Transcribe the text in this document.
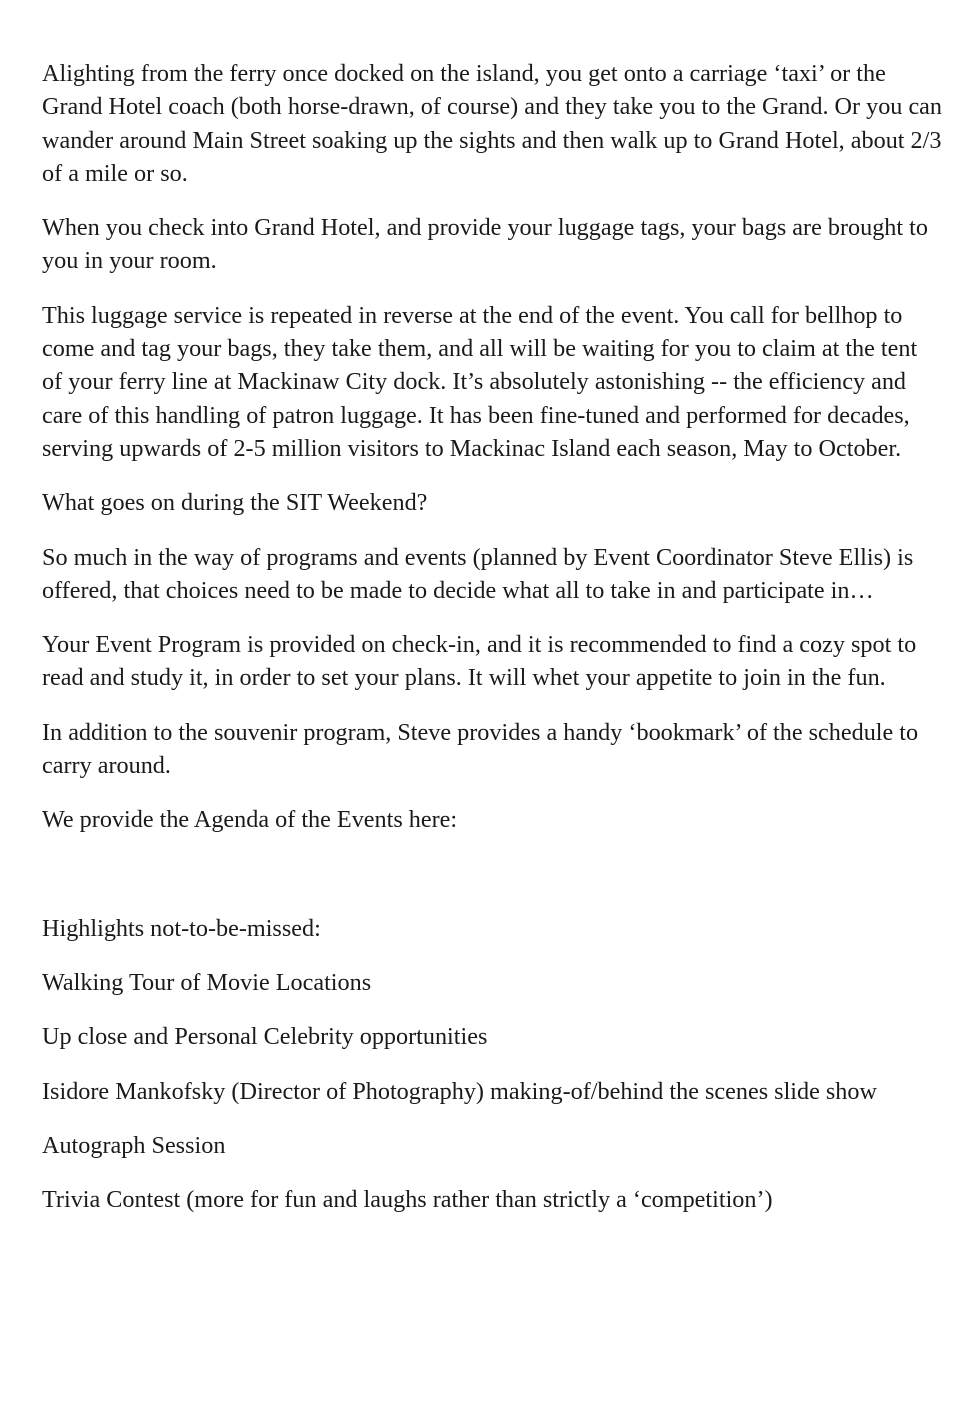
Alighting from the ferry once docked on the island, you get onto a carriage ‘taxi’ or the Grand Hotel coach (both horse-drawn, of course) and they take you to the Grand. Or you can wander around Main Street soaking up the sights and then walk up to Grand Hotel, about 2/3 of a mile or so.

When you check into Grand Hotel, and provide your luggage tags, your bags are brought to you in your room.

This luggage service is repeated in reverse at the end of the event. You call for bellhop to come and tag your bags, they take them, and all will be waiting for you to claim at the tent of your ferry line at Mackinaw City dock. It’s absolutely astonishing -- the efficiency and care of this handling of patron luggage. It has been fine-tuned and performed for decades, serving upwards of 2-5 million visitors to Mackinac Island each season, May to October.

What goes on during the SIT Weekend?

So much in the way of programs and events (planned by Event Coordinator Steve Ellis) is offered, that choices need to be made to decide what all to take in and participate in…

Your Event Program is provided on check-in, and it is recommended to find a cozy spot to read and study it, in order to set your plans. It will whet your appetite to join in the fun.

In addition to the souvenir program, Steve provides a handy ‘bookmark’ of the schedule to carry around.

We provide the Agenda of the Events here:

Highlights not-to-be-missed:

Walking Tour of Movie Locations

Up close and Personal Celebrity opportunities

Isidore Mankofsky (Director of Photography) making-of/behind the scenes slide show

Autograph Session

Trivia Contest (more for fun and laughs rather than strictly a ‘competition’)
